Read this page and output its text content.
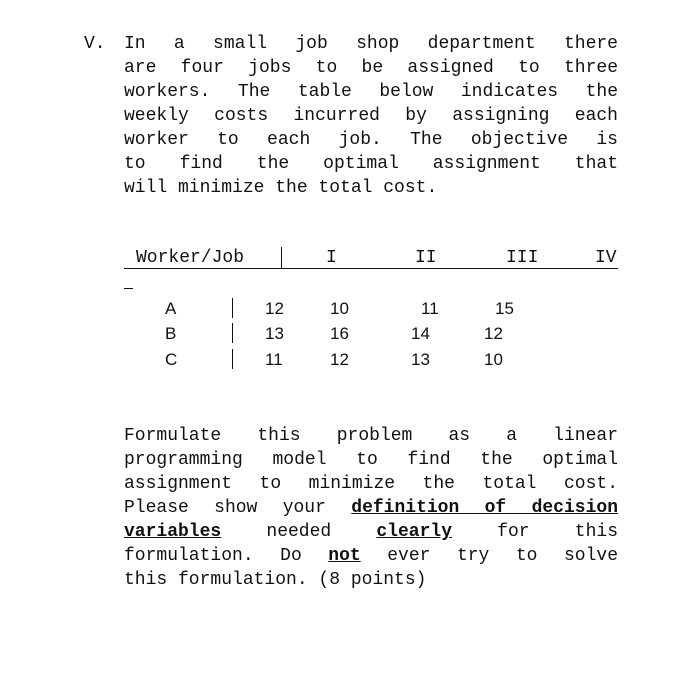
V. In a small job shop department there
are four jobs to be assigned to three
workers. The table below indicates the
weekly costs incurred by assigning each
worker to each job. The objective is
to find the optimal assignment that
will minimize the total cost.
Worker/Job	I	II	III	IV
A	12	10	11	15
B	13	16	14	12
C	11	12	13	10
Formulate this problem as a linear
programming model to find the optimal
assignment to minimize the total cost.
Please show your definition of decision
variables needed clearly for this
formulation. Do not ever try to solve
this formulation. (8 points)
